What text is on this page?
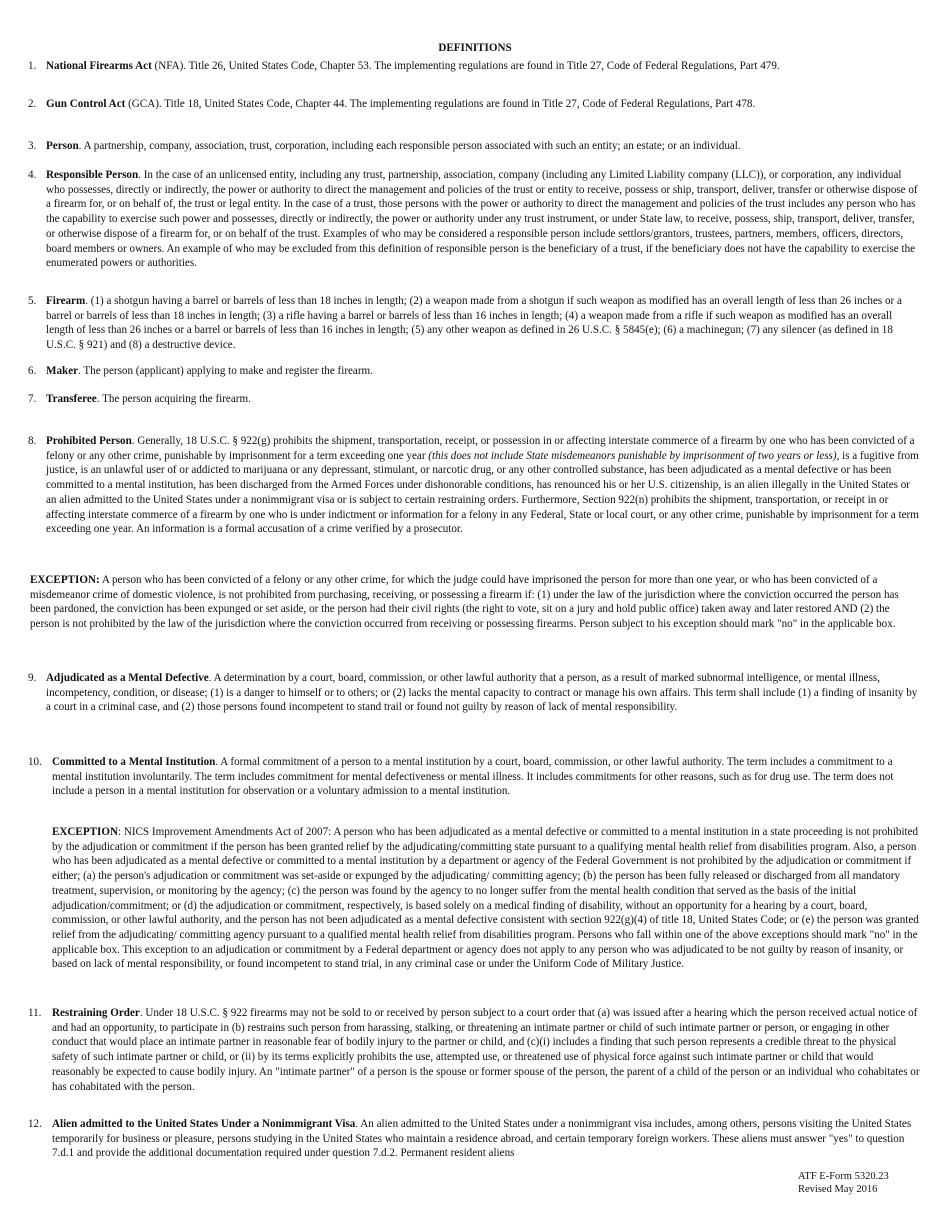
DEFINITIONS
1. National Firearms Act (NFA). Title 26, United States Code, Chapter 53. The implementing regulations are found in Title 27, Code of Federal Regulations, Part 479.
2. Gun Control Act (GCA). Title 18, United States Code, Chapter 44. The implementing regulations are found in Title 27, Code of Federal Regulations, Part 478.
3. Person. A partnership, company, association, trust, corporation, including each responsible person associated with such an entity; an estate; or an individual.
4. Responsible Person. In the case of an unlicensed entity, including any trust, partnership, association, company (including any Limited Liability company (LLC)), or corporation, any individual who possesses, directly or indirectly, the power or authority to direct the management and policies of the trust or entity to receive, possess or ship, transport, deliver, transfer or otherwise dispose of a firearm for, or on behalf of, the trust or legal entity. In the case of a trust, those persons with the power or authority to direct the management and policies of the trust includes any person who has the capability to exercise such power and possesses, directly or indirectly, the power or authority under any trust instrument, or under State law, to receive, possess, ship, transport, deliver, transfer, or otherwise dispose of a firearm for, or on behalf of the trust. Examples of who may be considered a responsible person include settlors/grantors, trustees, partners, members, officers, directors, board members or owners. An example of who may be excluded from this definition of responsible person is the beneficiary of a trust, if the beneficiary does not have the capability to exercise the enumerated powers or authorities.
5. Firearm. (1) a shotgun having a barrel or barrels of less than 18 inches in length; (2) a weapon made from a shotgun if such weapon as modified has an overall length of less than 26 inches or a barrel or barrels of less than 18 inches in length; (3) a rifle having a barrel or barrels of less than 16 inches in length; (4) a weapon made from a rifle if such weapon as modified has an overall length of less than 26 inches or a barrel or barrels of less than 16 inches in length; (5) any other weapon as defined in 26 U.S.C. § 5845(e); (6) a machinegun; (7) any silencer (as defined in 18 U.S.C. § 921) and (8) a destructive device.
6. Maker. The person (applicant) applying to make and register the firearm.
7. Transferee. The person acquiring the firearm.
8. Prohibited Person. Generally, 18 U.S.C. § 922(g) prohibits the shipment, transportation, receipt, or possession in or affecting interstate commerce of a firearm by one who has been convicted of a felony or any other crime, punishable by imprisonment for a term exceeding one year (this does not include State misdemeanors punishable by imprisonment of two years or less), is a fugitive from justice, is an unlawful user of or addicted to marijuana or any depressant, stimulant, or narcotic drug, or any other controlled substance, has been adjudicated as a mental defective or has been committed to a mental institution, has been discharged from the Armed Forces under dishonorable conditions, has renounced his or her U.S. citizenship, is an alien illegally in the United States or an alien admitted to the United States under a nonimmigrant visa or is subject to certain restraining orders. Furthermore, Section 922(n) prohibits the shipment, transportation, or receipt in or affecting interstate commerce of a firearm by one who is under indictment or information for a felony in any Federal, State or local court, or any other crime, punishable by imprisonment for a term exceeding one year. An information is a formal accusation of a crime verified by a prosecutor.
EXCEPTION: A person who has been convicted of a felony or any other crime, for which the judge could have imprisoned the person for more than one year, or who has been convicted of a misdemeanor crime of domestic violence, is not prohibited from purchasing, receiving, or possessing a firearm if: (1) under the law of the jurisdiction where the conviction occurred the person has been pardoned, the conviction has been expunged or set aside, or the person had their civil rights (the right to vote, sit on a jury and hold public office) taken away and later restored AND (2) the person is not prohibited by the law of the jurisdiction where the conviction occurred from receiving or possessing firearms. Person subject to his exception should mark "no" in the applicable box.
9. Adjudicated as a Mental Defective. A determination by a court, board, commission, or other lawful authority that a person, as a result of marked subnormal intelligence, or mental illness, incompetency, condition, or disease; (1) is a danger to himself or to others; or (2) lacks the mental capacity to contract or manage his own affairs. This term shall include (1) a finding of insanity by a court in a criminal case, and (2) those persons found incompetent to stand trail or found not guilty by reason of lack of mental responsibility.
10. Committed to a Mental Institution. A formal commitment of a person to a mental institution by a court, board, commission, or other lawful authority. The term includes a commitment to a mental institution involuntarily. The term includes commitment for mental defectiveness or mental illness. It includes commitments for other reasons, such as for drug use. The term does not include a person in a mental institution for observation or a voluntary admission to a mental institution.
EXCEPTION: NICS Improvement Amendments Act of 2007: A person who has been adjudicated as a mental defective or committed to a mental institution in a state proceeding is not prohibited by the adjudication or commitment if the person has been granted relief by the adjudicating/committing state pursuant to a qualifying mental health relief from disabilities program. Also, a person who has been adjudicated as a mental defective or committed to a mental institution by a department or agency of the Federal Government is not prohibited by the adjudication or commitment if either; (a) the person's adjudication or commitment was set-aside or expunged by the adjudicating/ committing agency; (b) the person has been fully released or discharged from all mandatory treatment, supervision, or monitoring by the agency; (c) the person was found by the agency to no longer suffer from the mental health condition that served as the basis of the initial adjudication/commitment; or (d) the adjudication or commitment, respectively, is based solely on a medical finding of disability, without an opportunity for a hearing by a court, board, commission, or other lawful authority, and the person has not been adjudicated as a mental defective consistent with section 922(g)(4) of title 18, United States Code; or (e) the person was granted relief from the adjudicating/ committing agency pursuant to a qualified mental health relief from disabilities program. Persons who fall within one of the above exceptions should mark "no" in the applicable box. This exception to an adjudication or commitment by a Federal department or agency does not apply to any person who was adjudicated to be not guilty by reason of insanity, or based on lack of mental responsibility, or found incompetent to stand trial, in any criminal case or under the Uniform Code of Military Justice.
11. Restraining Order. Under 18 U.S.C. § 922 firearms may not be sold to or received by person subject to a court order that (a) was issued after a hearing which the person received actual notice of and had an opportunity, to participate in (b) restrains such person from harassing, stalking, or threatening an intimate partner or child of such intimate partner or person, or engaging in other conduct that would place an intimate partner in reasonable fear of bodily injury to the partner or child, and (c)(i) includes a finding that such person represents a credible threat to the physical safety of such intimate partner or child, or (ii) by its terms explicitly prohibits the use, attempted use, or threatened use of physical force against such intimate partner or child that would reasonably be expected to cause bodily injury. An "intimate partner" of a person is the spouse or former spouse of the person, the parent of a child of the person or an individual who cohabitates or has cohabitated with the person.
12. Alien admitted to the United States Under a Nonimmigrant Visa. An alien admitted to the United States under a nonimmigrant visa includes, among others, persons visiting the United States temporarily for business or pleasure, persons studying in the United States who maintain a residence abroad, and certain temporary foreign workers. These aliens must answer "yes" to question 7.d.1 and provide the additional documentation required under question 7.d.2. Permanent resident aliens
ATF E-Form 5320.23
Revised May 2016
